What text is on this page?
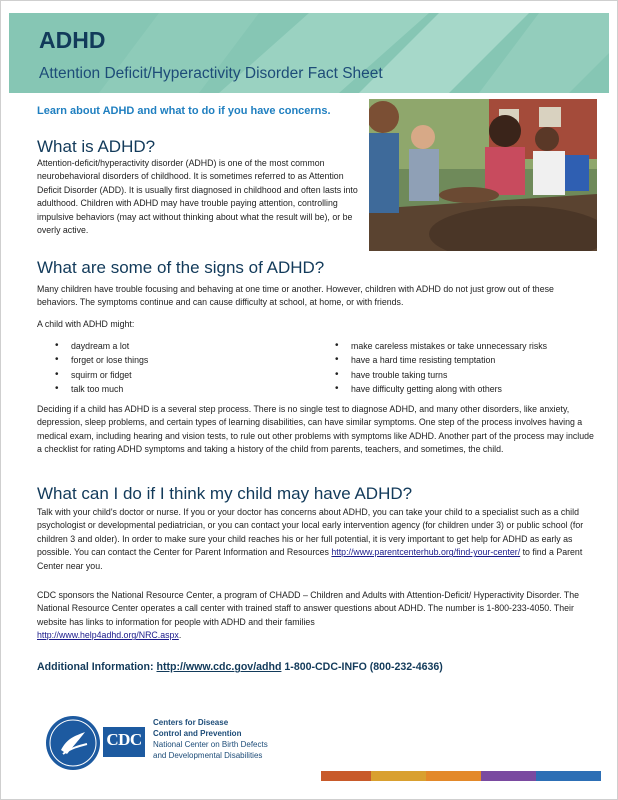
ADHD
Attention Deficit/Hyperactivity Disorder Fact Sheet
Learn about ADHD and what to do if you have concerns.
What is ADHD?
Attention-deficit/hyperactivity disorder (ADHD) is one of the most common neurobehavioral disorders of childhood. It is sometimes referred to as Attention Deficit Disorder (ADD). It is usually first diagnosed in childhood and often lasts into adulthood. Children with ADHD may have trouble paying attention, controlling impulsive behaviors (may act without thinking about what the result will be), or be overly active.
What are some of the signs of ADHD?
Many children have trouble focusing and behaving at one time or another. However, children with ADHD do not just grow out of these behaviors. The symptoms continue and can cause difficulty at school, at home, or with friends.
A child with ADHD might:
• daydream a lot
• forget or lose things
• squirm or fidget
• talk too much
• make careless mistakes or take unnecessary risks
• have a hard time resisting temptation
• have trouble taking turns
• have difficulty getting along with others
Deciding if a child has ADHD is a several step process. There is no single test to diagnose ADHD, and many other disorders, like anxiety, depression, sleep problems, and certain types of learning disabilities, can have similar symptoms. One step of the process involves having a medical exam, including hearing and vision tests, to rule out other problems with symptoms like ADHD. Another part of the process may include a checklist for rating ADHD symptoms and taking a history of the child from parents, teachers, and sometimes, the child.
What can I do if I think my child may have ADHD?
Talk with your child's doctor or nurse. If you or your doctor has concerns about ADHD, you can take your child to a specialist such as a child psychologist or developmental pediatrician, or you can contact your local early intervention agency (for children under 3) or public school (for children 3 and older). In order to make sure your child reaches his or her full potential, it is very important to get help for ADHD as early as possible. You can contact the Center for Parent Information and Resources http://www.parentcenterhub.org/find-your-center/ to find a Parent Center near you.
CDC sponsors the National Resource Center, a program of CHADD – Children and Adults with Attention-Deficit/ Hyperactivity Disorder. The National Resource Center operates a call center with trained staff to answer questions about ADHD. The number is 1-800-233-4050. Their website has links to information for people with ADHD and their families
http://www.help4adhd.org/NRC.aspx.
Additional Information: http://www.cdc.gov/adhd 1-800-CDC-INFO (800-232-4636)
CDC
Centers for Disease
Control and Prevention
National Center on Birth Defects
and Developmental Disabilities
